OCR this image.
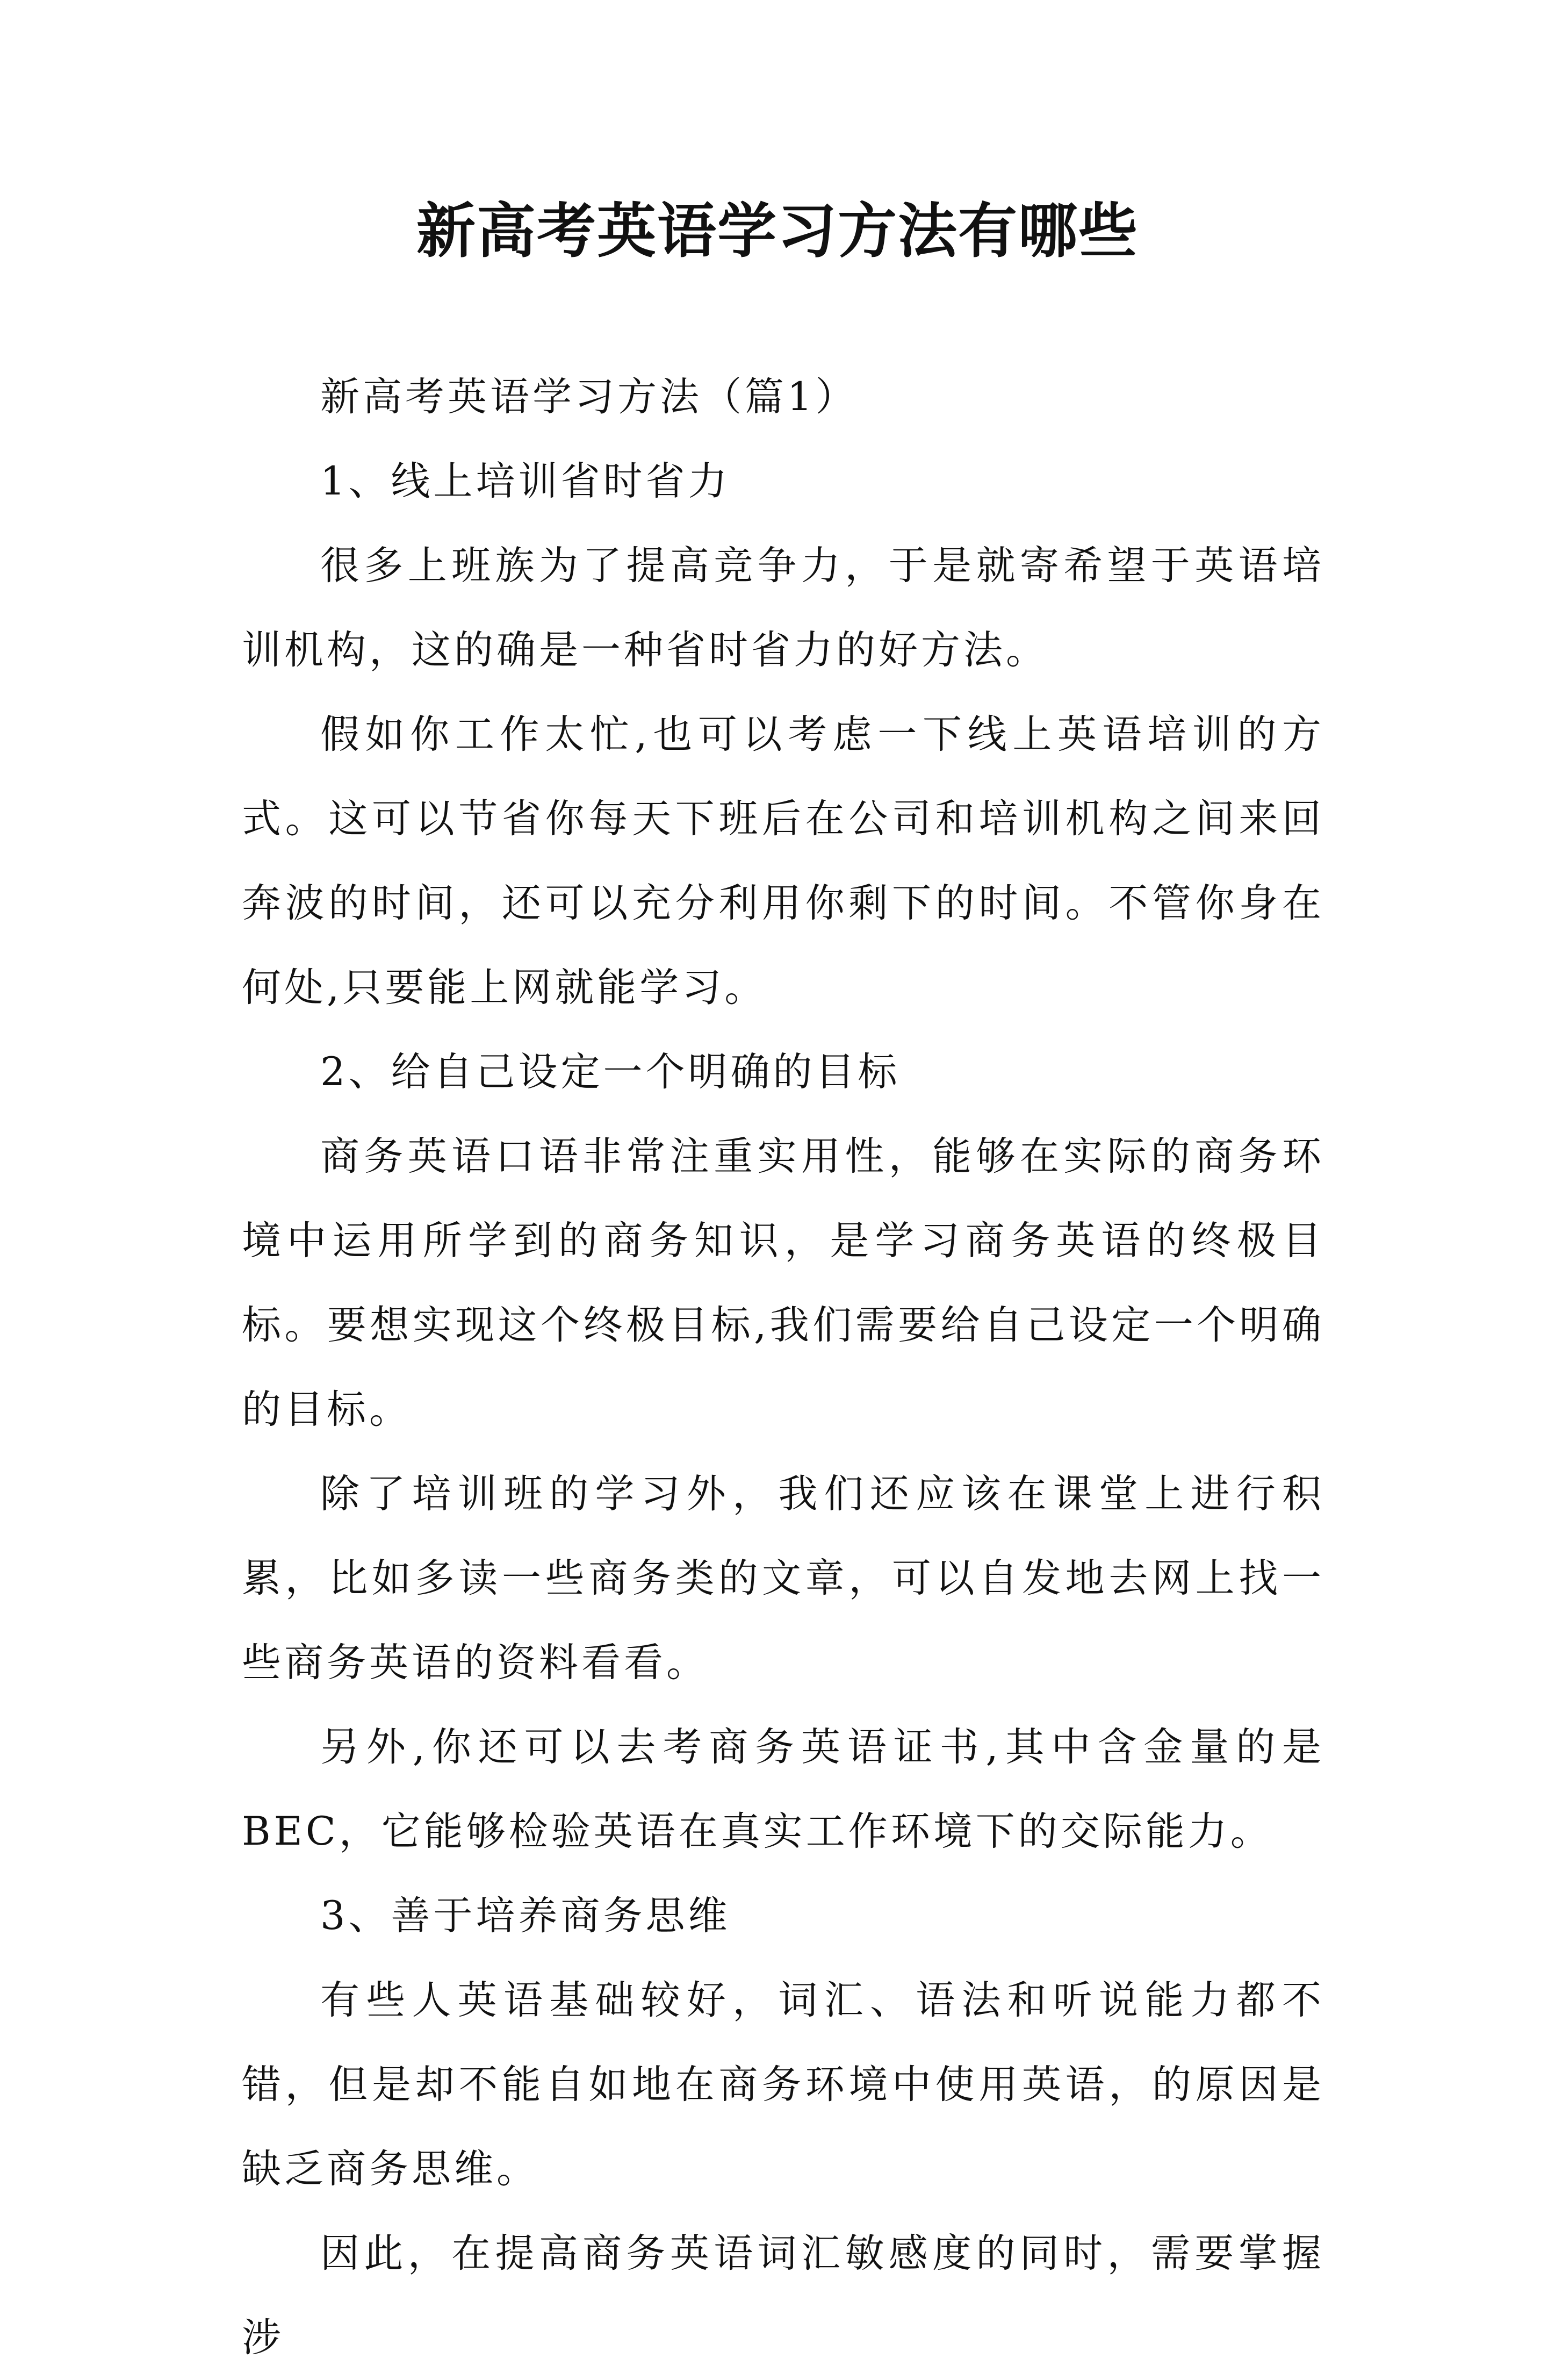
新高考英语学习方法有哪些

新高考英语学习方法（篇1）

1、线上培训省时省力

很多上班族为了提高竞争力，于是就寄希望于英语培训机构，这的确是一种省时省力的好方法。

假如你工作太忙,也可以考虑一下线上英语培训的方式。这可以节省你每天下班后在公司和培训机构之间来回奔波的时间，还可以充分利用你剩下的时间。不管你身在何处,只要能上网就能学习。

2、给自己设定一个明确的目标

商务英语口语非常注重实用性，能够在实际的商务环境中运用所学到的商务知识，是学习商务英语的终极目标。要想实现这个终极目标,我们需要给自己设定一个明确的目标。

除了培训班的学习外，我们还应该在课堂上进行积累，比如多读一些商务类的文章，可以自发地去网上找一些商务英语的资料看看。

另外,你还可以去考商务英语证书,其中含金量的是BEC，它能够检验英语在真实工作环境下的交际能力。

3、善于培养商务思维

有些人英语基础较好，词汇、语法和听说能力都不错，但是却不能自如地在商务环境中使用英语，的原因是缺乏商务思维。

因此，在提高商务英语词汇敏感度的同时，需要掌握涉
